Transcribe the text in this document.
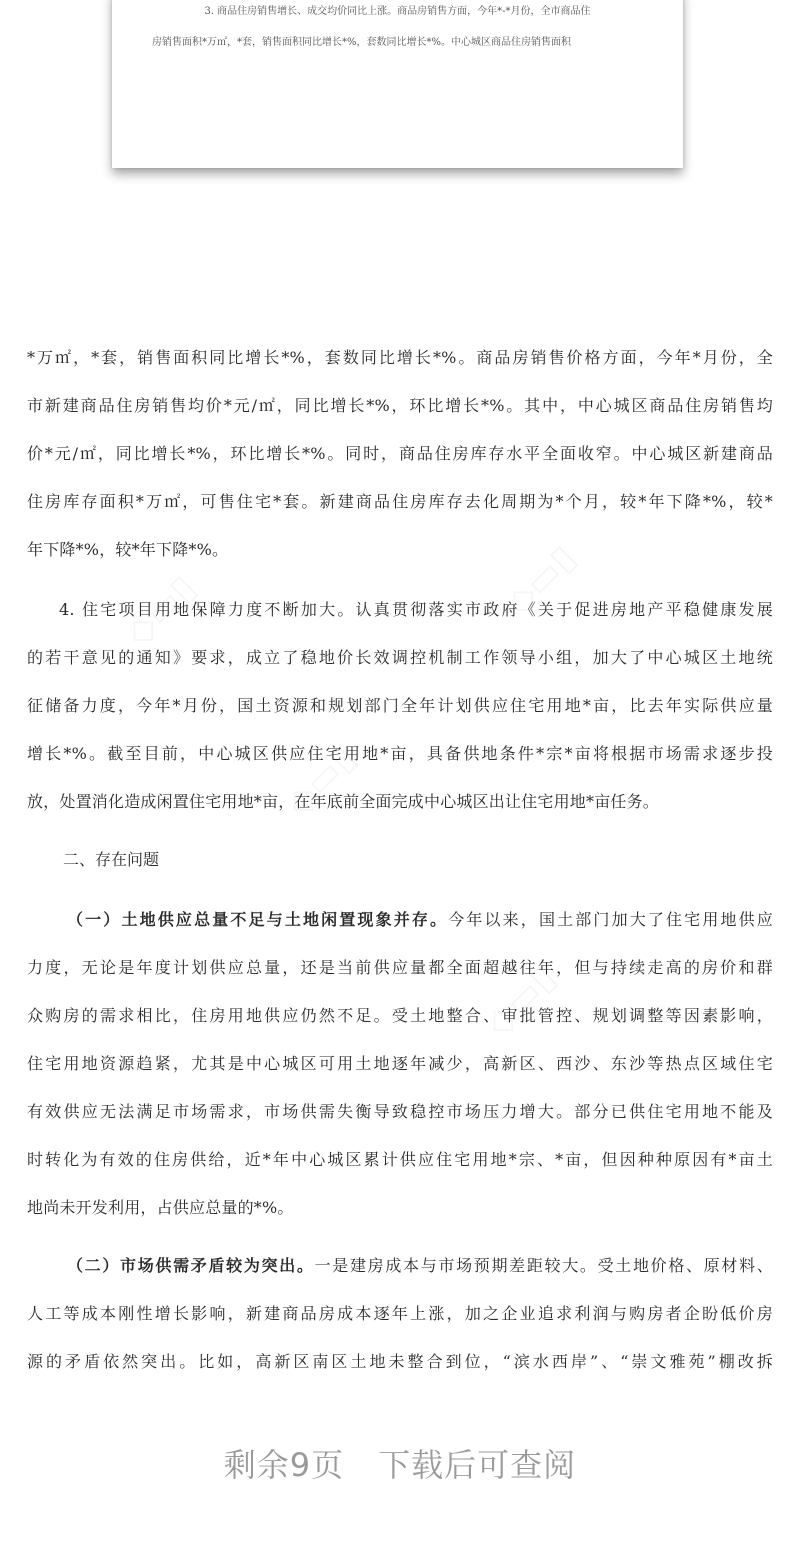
3. 商品住房销售增长、成交均价同比上涨。商品房销售方面，今年*-*月份，全市商品住
房销售面积*万㎡，*套，销售面积同比增长*%，套数同比增长*%。中心城区商品住房销售面积
*万㎡，*套，销售面积同比增长*%，套数同比增长*%。商品房销售价格方面，今年*月份，全
市新建商品住房销售均价*元/㎡，同比增长*%，环比增长*%。其中，中心城区商品住房销售均
价*元/㎡，同比增长*%，环比增长*%。同时，商品住房库存水平全面收窄。中心城区新建商品
住房库存面积*万㎡，可售住宅*套。新建商品住房库存去化周期为*个月，较*年下降*%，较*
年下降*%，较*年下降*%。
4. 住宅项目用地保障力度不断加大。认真贯彻落实市政府《关于促进房地产平稳健康发展
的若干意见的通知》要求，成立了稳地价长效调控机制工作领导小组，加大了中心城区土地统
征储备力度，今年*月份，国土资源和规划部门全年计划供应住宅用地*亩，比去年实际供应量
增长*%。截至目前，中心城区供应住宅用地*亩，具备供地条件*宗*亩将根据市场需求逐步投
放，处置消化造成闲置住宅用地*亩，在年底前全面完成中心城区出让住宅用地*亩任务。
二、存在问题
（一）土地供应总量不足与土地闲置现象并存。今年以来，国土部门加大了住宅用地供应
力度，无论是年度计划供应总量，还是当前供应量都全面超越往年，但与持续走高的房价和群
众购房的需求相比，住房用地供应仍然不足。受土地整合、审批管控、规划调整等因素影响，
住宅用地资源趋紧，尤其是中心城区可用土地逐年减少，高新区、西沙、东沙等热点区域住宅
有效供应无法满足市场需求，市场供需失衡导致稳控市场压力增大。部分已供住宅用地不能及
时转化为有效的住房供给，近*年中心城区累计供应住宅用地*宗、*亩，但因种种原因有*亩土
地尚未开发利用，占供应总量的*%。
（二）市场供需矛盾较为突出。一是建房成本与市场预期差距较大。受土地价格、原材料、
人工等成本刚性增长影响，新建商品房成本逐年上涨，加之企业追求利润与购房者企盼低价房
源的矛盾依然突出。比如，高新区南区土地未整合到位，“滨水西岸”、“崇文雅苑”棚改拆
剩余9页 下载后可查阅
